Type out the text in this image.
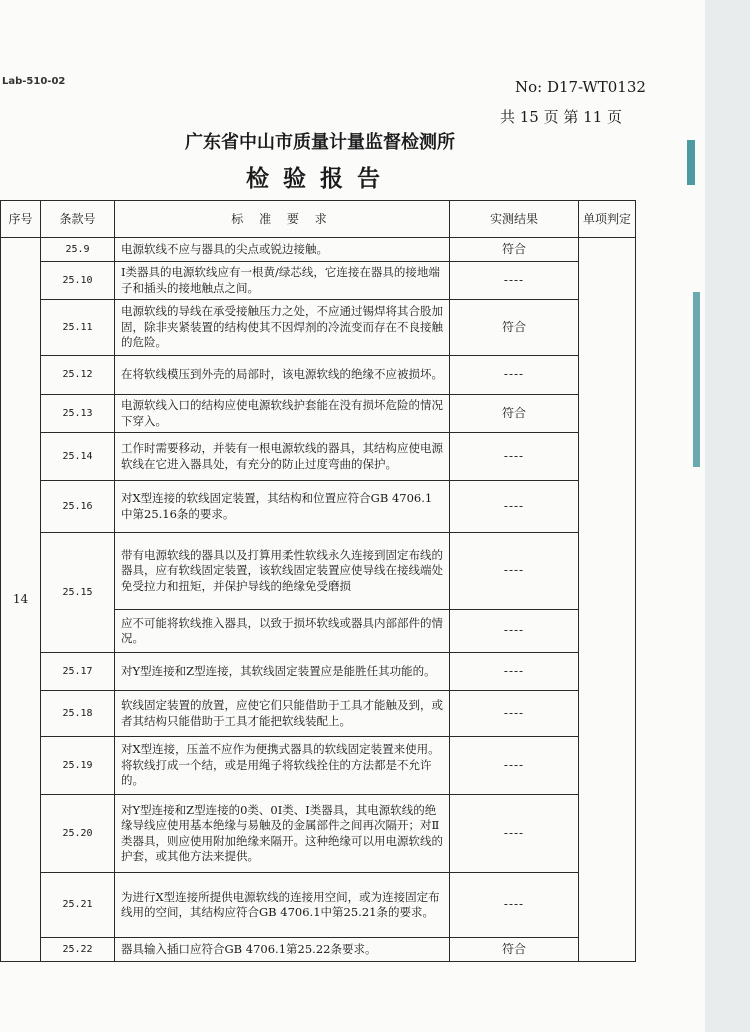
Lab-510-02	No: D17-WT0132
共 15 页 第 11 页
广东省中山市质量计量监督检测所
检验报告
序号	条款号	标 准 要 求	实测结果	单项判定
14	25.9	电源软线不应与器具的尖点或锐边接触。	符合	
	25.10	Ⅰ类器具的电源软线应有一根黄/绿芯线，它连接在器具的接地端子和插头的接地触点之间。	----	
	25.11	电源软线的导线在承受接触压力之处，不应通过锡焊将其合股加固，除非夹紧装置的结构使其不因焊剂的冷流变而存在不良接触的危险。	符合	
	25.12	在将软线模压到外壳的局部时，该电源软线的绝缘不应被损坏。	----	
	25.13	电源软线入口的结构应使电源软线护套能在没有损坏危险的情况下穿入。	符合	
	25.14	工作时需要移动，并装有一根电源软线的器具，其结构应使电源软线在它进入器具处，有充分的防止过度弯曲的保护。	----	
	25.16	对X型连接的软线固定装置，其结构和位置应符合GB 4706.1中第25.16条的要求。	----	
	25.15	带有电源软线的器具以及打算用柔性软线永久连接到固定布线的器具，应有软线固定装置，该软线固定装置应使导线在接线端处免受拉力和扭矩，并保护导线的绝缘免受磨损	----	
		应不可能将软线推入器具，以致于损坏软线或器具内部部件的情况。	----	
	25.17	对Y型连接和Z型连接，其软线固定装置应是能胜任其功能的。	----	
	25.18	软线固定装置的放置，应使它们只能借助于工具才能触及到，或者其结构只能借助于工具才能把软线装配上。	----	
	25.19	对X型连接，压盖不应作为便携式器具的软线固定装置来使用。将软线打成一个结，或是用绳子将软线拴住的方法都是不允许的。	----	
	25.20	对Y型连接和Z型连接的0类、0I类、Ⅰ类器具，其电源软线的绝缘导线应使用基本绝缘与易触及的金属部件之间再次隔开；对Ⅱ类器具，则应使用附加绝缘来隔开。这种绝缘可以用电源软线的护套，或其他方法来提供。	----	
	25.21	为进行X型连接所提供电源软线的连接用空间，或为连接固定布线用的空间，其结构应符合GB 4706.1中第25.21条的要求。	----	
	25.22	器具输入插口应符合GB 4706.1第25.22条要求。	符合	
